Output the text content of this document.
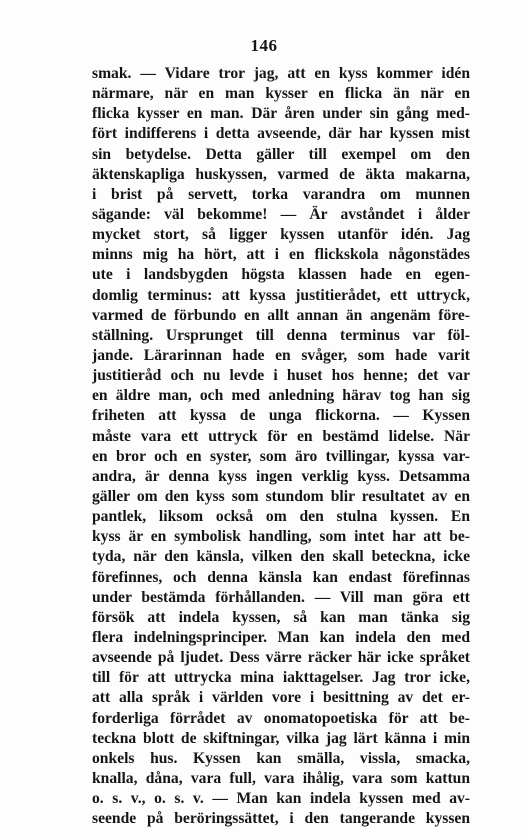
146
smak. — Vidare tror jag, att en kyss kommer idén
närmare, när en man kysser en flicka än när en
flicka kysser en man. Där åren under sin gång med-
fört indifferens i detta avseende, där har kyssen mist
sin betydelse. Detta gäller till exempel om den
äktenskapliga huskyssen, varmed de äkta makarna,
i brist på servett, torka varandra om munnen
sägande: väl bekomme! — Är avståndet i ålder
mycket stort, så ligger kyssen utanför idén. Jag
minns mig ha hört, att i en flickskola någonstädes
ute i landsbygden högsta klassen hade en egen-
domlig terminus: att kyssa justitierådet, ett uttryck,
varmed de förbundo en allt annan än angenäm före-
ställning. Ursprunget till denna terminus var föl-
jande. Lärarinnan hade en svåger, som hade varit
justitieråd och nu levde i huset hos henne; det var
en äldre man, och med anledning härav tog han sig
friheten att kyssa de unga flickorna. — Kyssen
måste vara ett uttryck för en bestämd lidelse. När
en bror och en syster, som äro tvillingar, kyssa var-
andra, är denna kyss ingen verklig kyss. Detsamma
gäller om den kyss som stundom blir resultatet av en
pantlek, liksom också om den stulna kyssen. En
kyss är en symbolisk handling, som intet har att be-
tyda, när den känsla, vilken den skall beteckna, icke
förefinnes, och denna känsla kan endast förefinnas
under bestämda förhållanden. — Vill man göra ett
försök att indela kyssen, så kan man tänka sig
flera indelningsprinciper. Man kan indela den med
avseende på ljudet. Dess värre räcker här icke språket
till för att uttrycka mina iakttagelser. Jag tror icke,
att alla språk i världen vore i besittning av det er-
forderliga förrådet av onomatopoetiska för att be-
teckna blott de skiftningar, vilka jag lärt känna i min
onkels hus. Kyssen kan smälla, vissla, smacka,
knalla, dåna, vara full, vara ihålig, vara som kattun
o. s. v., o. s. v. — Man kan indela kyssen med av-
seende på beröringssättet, i den tangerande kyssen
